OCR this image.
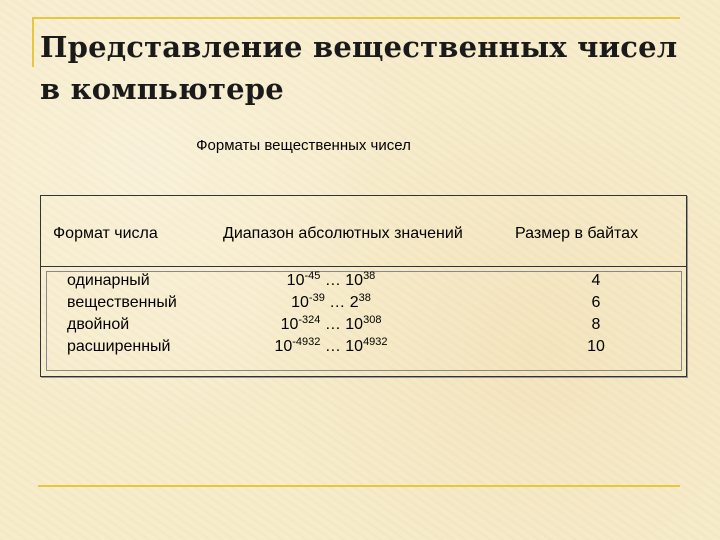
Представление вещественных чисел в компьютере
Форматы вещественных чисел
Формат числа	Диапазон абсолютных значений	Размер в байтах
одинарный
вещественный
двойной
расширенный
$10^{-45}$ … $10^{38}$
$10^{-39}$ … $2^{38}$
$10^{-324}$ … $10^{308}$
$10^{-4932}$ … $10^{4932}$
4
6
8
10
